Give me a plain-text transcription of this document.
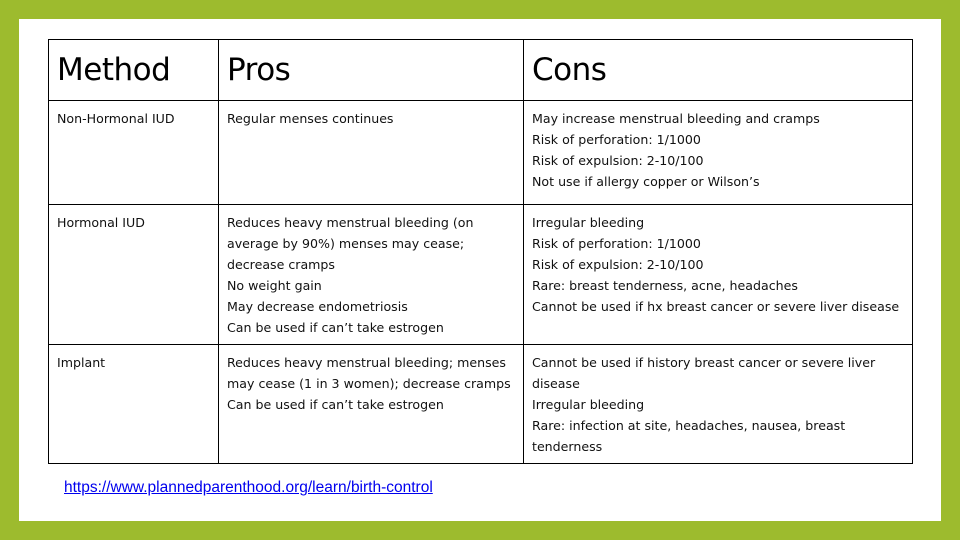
Method	Pros	Cons
Non-Hormonal IUD	Regular menses continues	May increase menstrual bleeding and cramps
Risk of perforation: 1/1000
Risk of expulsion: 2-10/100
Not use if allergy copper or Wilson’s

Hormonal IUD	Reduces heavy menstrual bleeding (on average by 90%) menses may cease; decrease cramps
No weight gain
May decrease endometriosis
Can be used if can’t take estrogen	Irregular bleeding
Risk of perforation: 1/1000
Risk of expulsion: 2-10/100
Rare: breast tenderness, acne, headaches
Cannot be used if hx breast cancer or severe liver disease

Implant	Reduces heavy menstrual bleeding; menses may cease (1 in 3 women); decrease cramps
Can be used if can’t take estrogen	Cannot be used if history breast cancer or severe liver disease
Irregular bleeding
Rare: infection at site, headaches, nausea, breast tenderness
https://www.plannedparenthood.org/learn/birth-control
